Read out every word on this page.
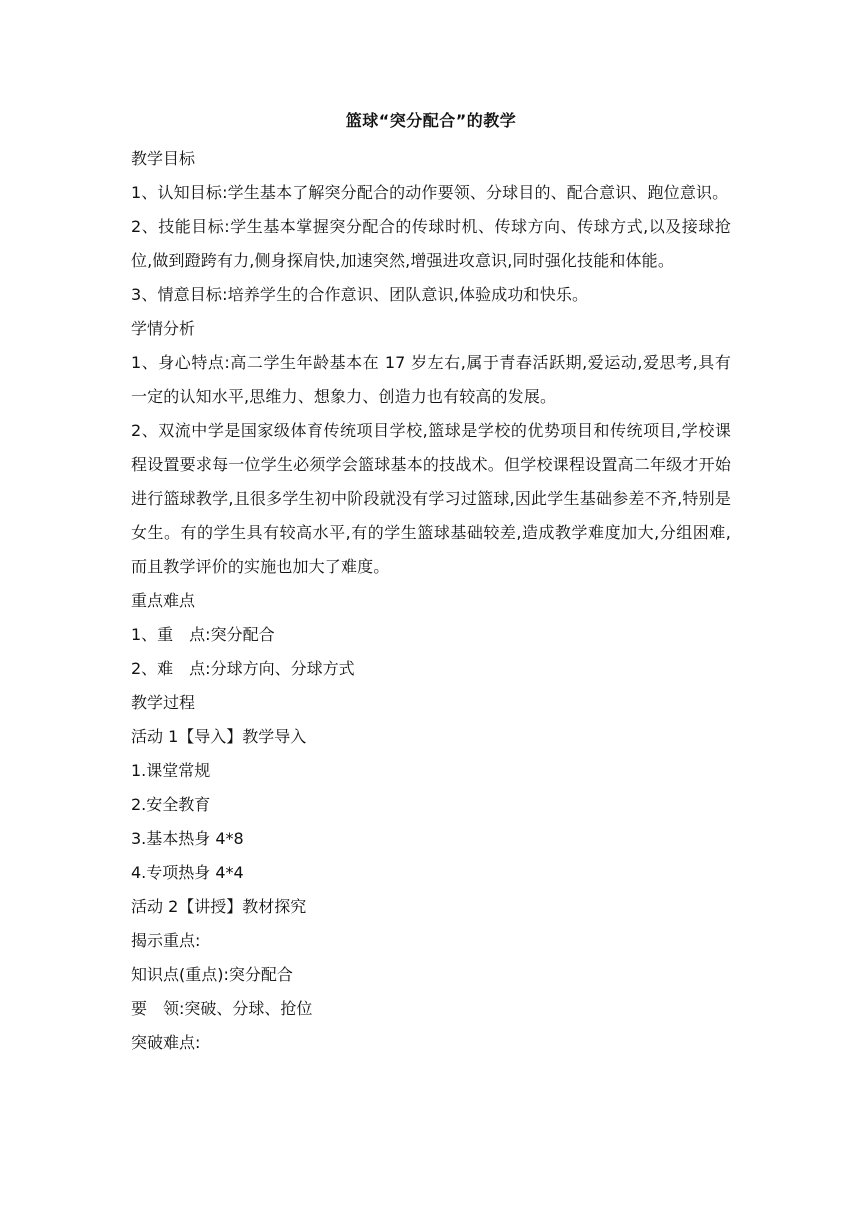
篮球“突分配合”的教学
教学目标
1、认知目标:学生基本了解突分配合的动作要领、分球目的、配合意识、跑位意识。
2、技能目标:学生基本掌握突分配合的传球时机、传球方向、传球方式,以及接球抢位,做到蹬跨有力,侧身探肩快,加速突然,增强进攻意识,同时强化技能和体能。
3、情意目标:培养学生的合作意识、团队意识,体验成功和快乐。
学情分析
1、身心特点:高二学生年龄基本在 17 岁左右,属于青春活跃期,爱运动,爱思考,具有一定的认知水平,思维力、想象力、创造力也有较高的发展。
2、双流中学是国家级体育传统项目学校,篮球是学校的优势项目和传统项目,学校课程设置要求每一位学生必须学会篮球基本的技战术。但学校课程设置高二年级才开始进行篮球教学,且很多学生初中阶段就没有学习过篮球,因此学生基础参差不齐,特别是女生。有的学生具有较高水平,有的学生篮球基础较差,造成教学难度加大,分组困难,而且教学评价的实施也加大了难度。
重点难点
1、重　点:突分配合
2、难　点:分球方向、分球方式
教学过程
活动 1【导入】教学导入
1.课堂常规
2.安全教育
3.基本热身 4*8
4.专项热身 4*4
活动 2【讲授】教材探究
揭示重点:
知识点(重点):突分配合
要　领:突破、分球、抢位
突破难点:
